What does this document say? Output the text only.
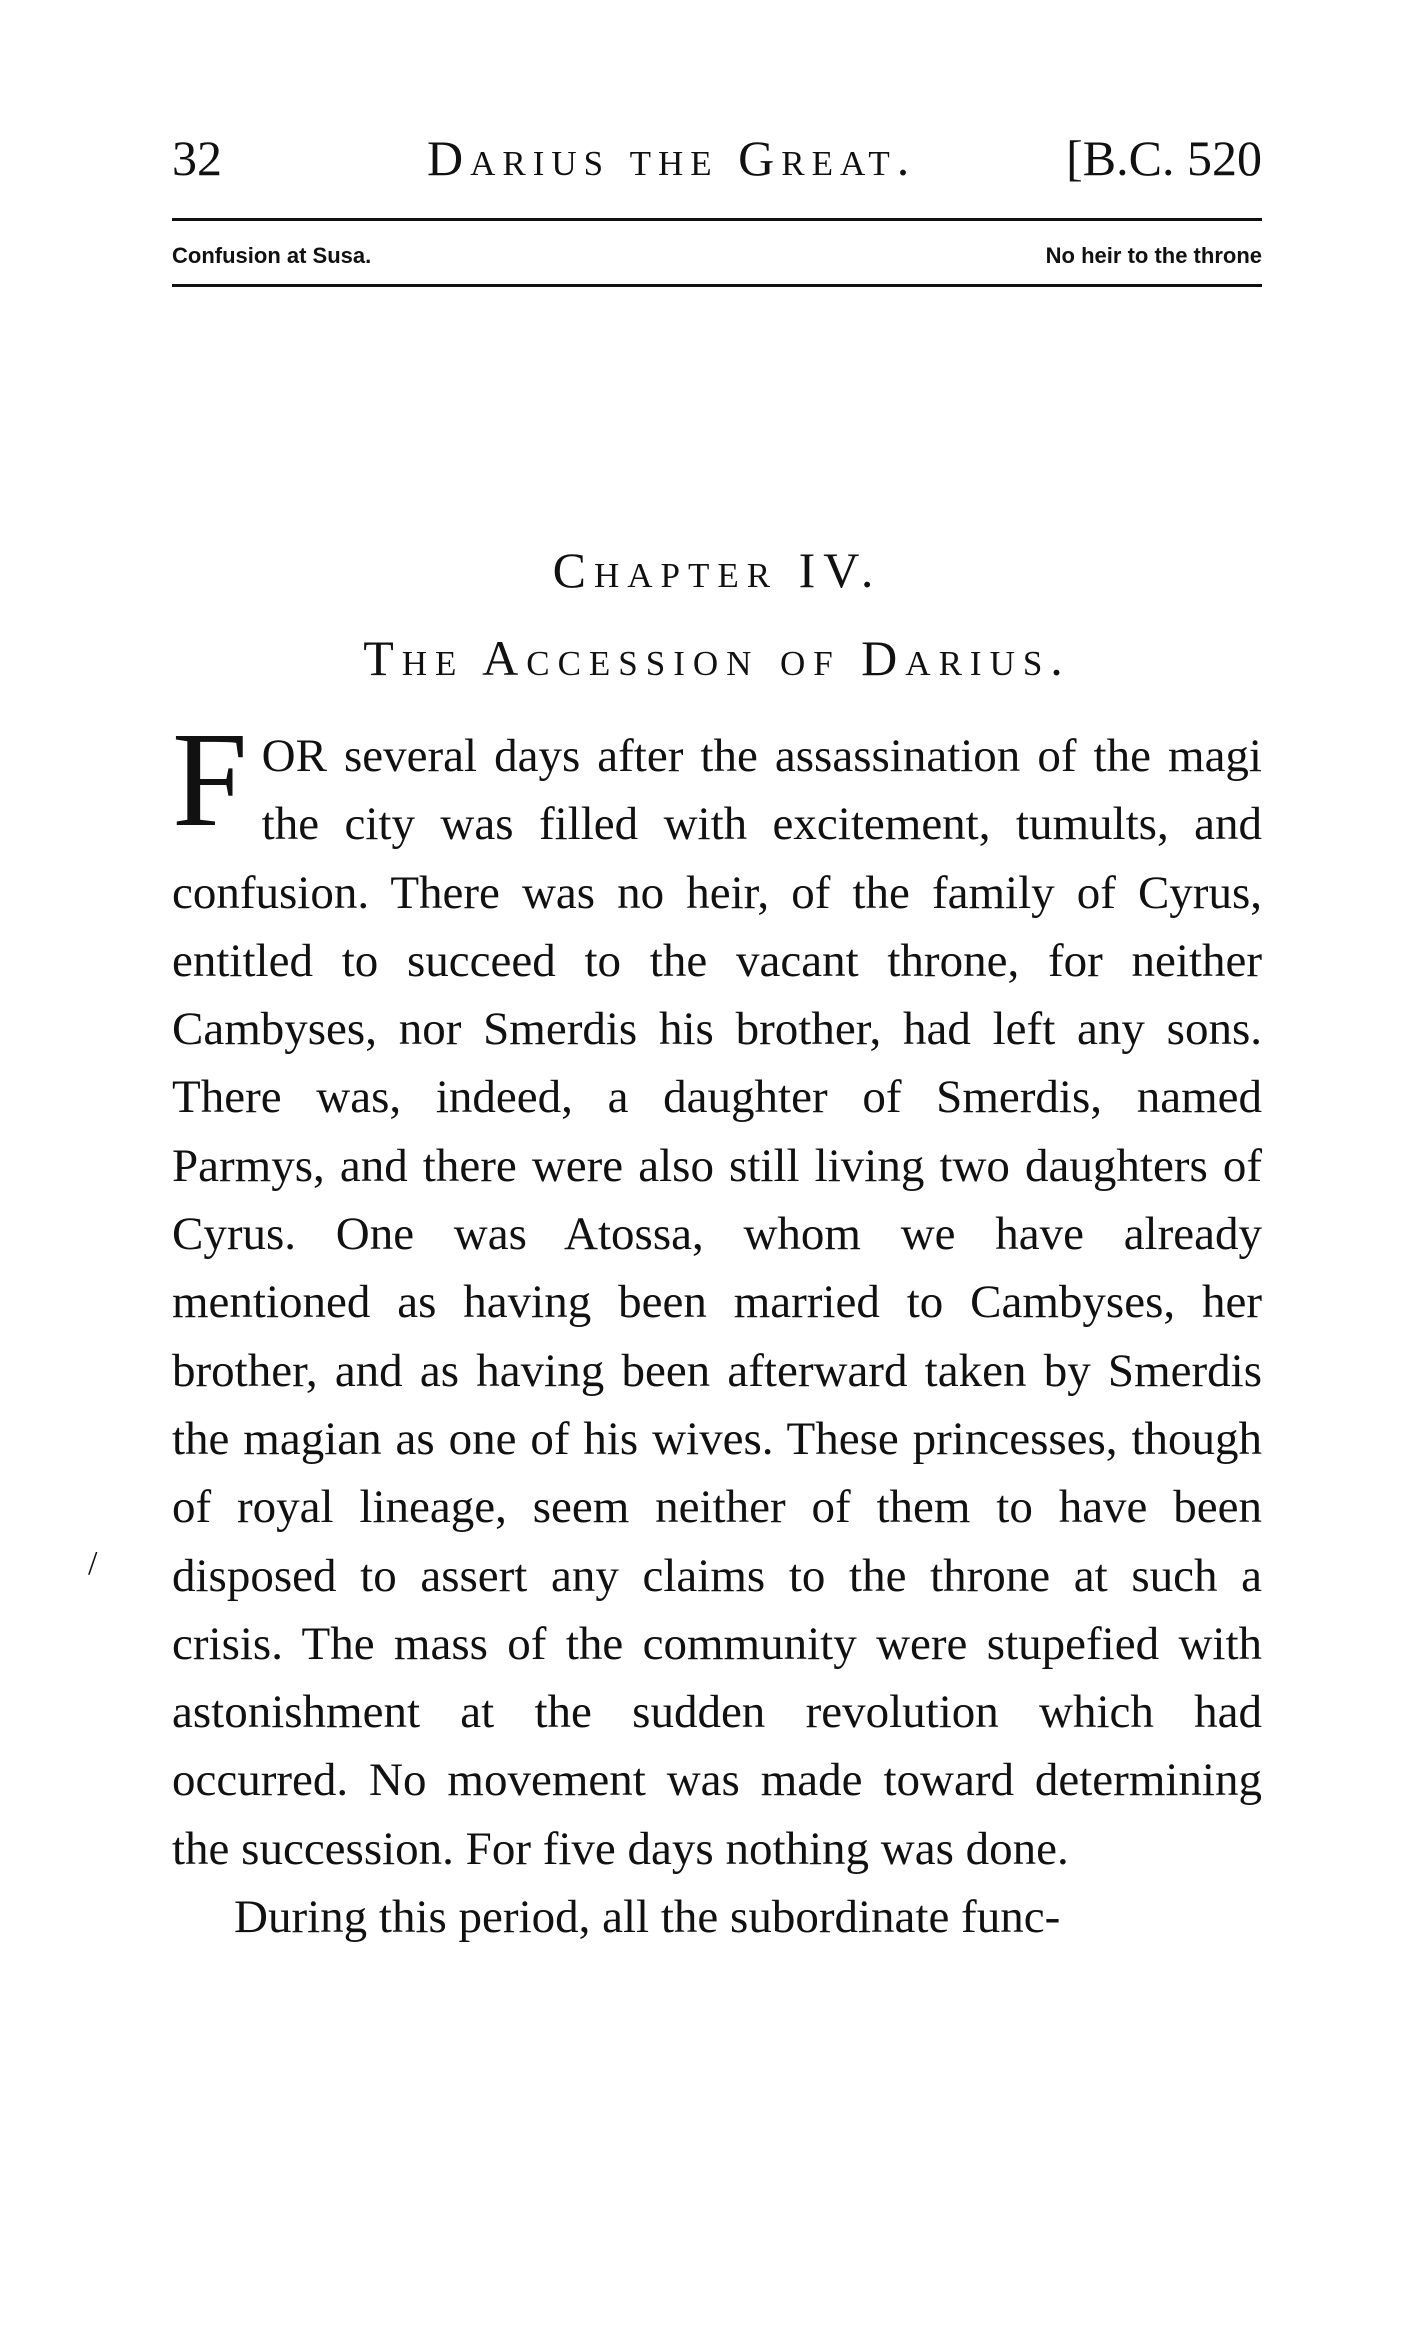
32	Darius the Great.	[B.C. 520
Confusion at Susa.	No heir to the throne
Chapter IV.
The Accession of Darius.

FOR several days after the assassination of the magi the city was filled with excitement, tumults, and confusion. There was no heir, of the family of Cyrus, entitled to succeed to the vacant throne, for neither Cambyses, nor Smerdis his brother, had left any sons. There was, indeed, a daughter of Smerdis, named Parmys, and there were also still living two daughters of Cyrus. One was Atossa, whom we have already mentioned as having been married to Cambyses, her brother, and as having been afterward taken by Smerdis the magian as one of his wives. These princesses, though of royal lineage, seem neither of them to have been disposed to assert any claims to the throne at such a crisis. The mass of the community were stupefied with astonishment at the sudden revolution which had occurred. No movement was made toward determining the succession. For five days nothing was done.

During this period, all the subordinate func-

/
